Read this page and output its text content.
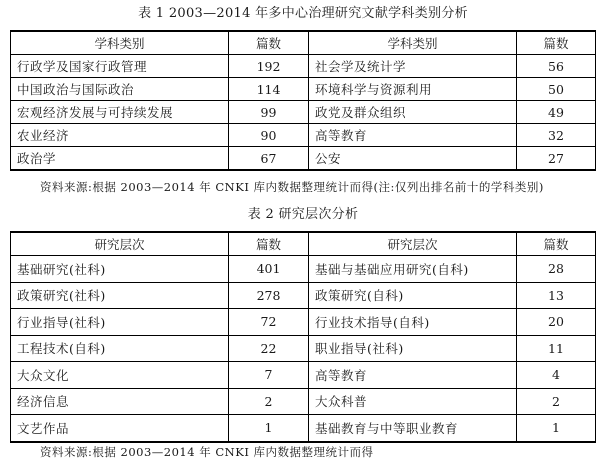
表 1 2003—2014 年多中心治理研究文献学科类别分析
学科类别	篇数	学科类别	篇数
行政学及国家行政管理	192	社会学及统计学	56
中国政治与国际政治	114	环境科学与资源利用	50
宏观经济发展与可持续发展	99	政党及群众组织	49
农业经济	90	高等教育	32
政治学	67	公安	27
资料来源:根据 2003—2014 年 CNKI 库内数据整理统计而得(注:仅列出排名前十的学科类别)
表 2 研究层次分析
研究层次	篇数	研究层次	篇数
基础研究(社科)	401	基础与基础应用研究(自科)	28
政策研究(社科)	278	政策研究(自科)	13
行业指导(社科)	72	行业技术指导(自科)	20
工程技术(自科)	22	职业指导(社科)	11
大众文化	7	高等教育	4
经济信息	2	大众科普	2
文艺作品	1	基础教育与中等职业教育	1
资料来源:根据 2003—2014 年 CNKI 库内数据整理统计而得
